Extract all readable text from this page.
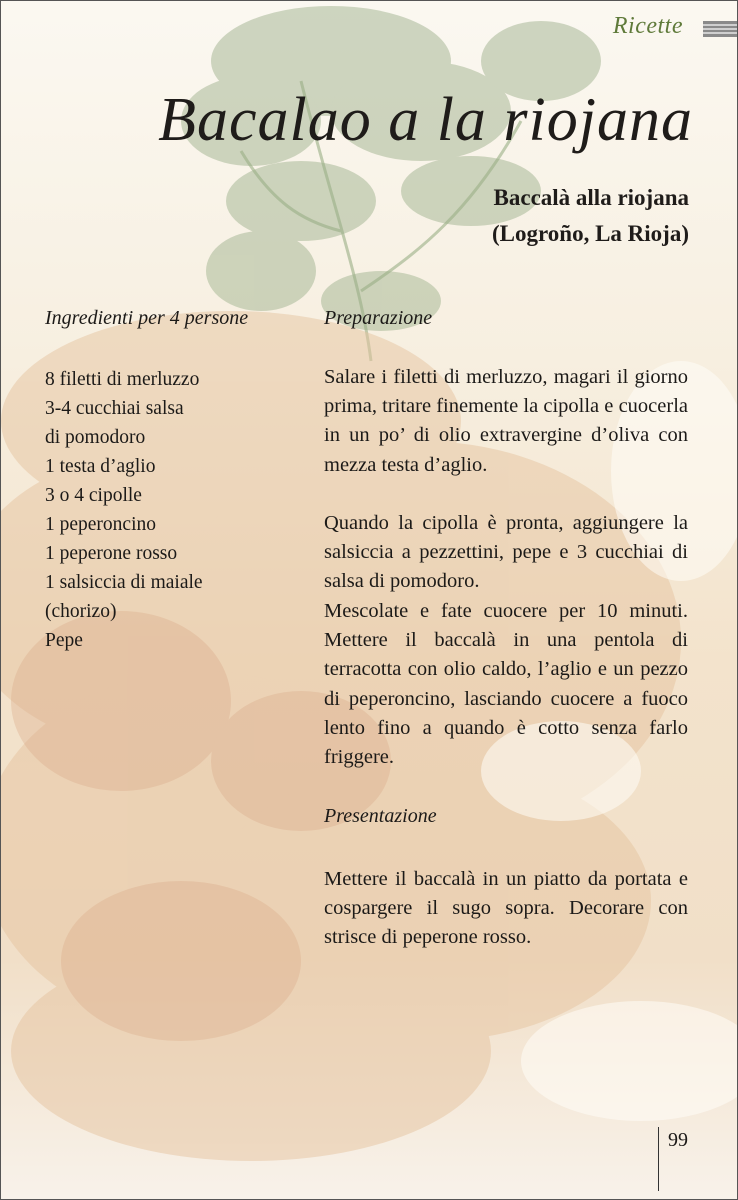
Ricette
Bacalao a la riojana
Baccalà alla riojana
(Logroño, La Rioja)
Ingredienti per 4 persone	Preparazione
8 filetti di merluzzo
3-4 cucchiai salsa
di pomodoro
1 testa d’aglio
3 o 4 cipolle
1 peperoncino
1 peperone rosso
1 salsiccia di maiale
(chorizo)
Pepe

Salare i filetti di merluzzo, magari il giorno prima, tritare finemente la cipolla e cuocerla in un po’ di olio extravergine d’oliva con mezza testa d’aglio.

Quando la cipolla è pronta, aggiungere la salsiccia a pezzettini, pepe e 3 cucchiai di salsa di pomodoro.

Mescolate e fate cuocere per 10 minuti. Mettere il baccalà in una pentola di terracotta con olio caldo, l’aglio e un pezzo di peperoncino, lasciando cuocere a fuoco lento fino a quando è cotto senza farlo friggere.

Presentazione

Mettere il baccalà in un piatto da portata e cospargere il sugo sopra. Decorare con strisce di peperone rosso.

99
